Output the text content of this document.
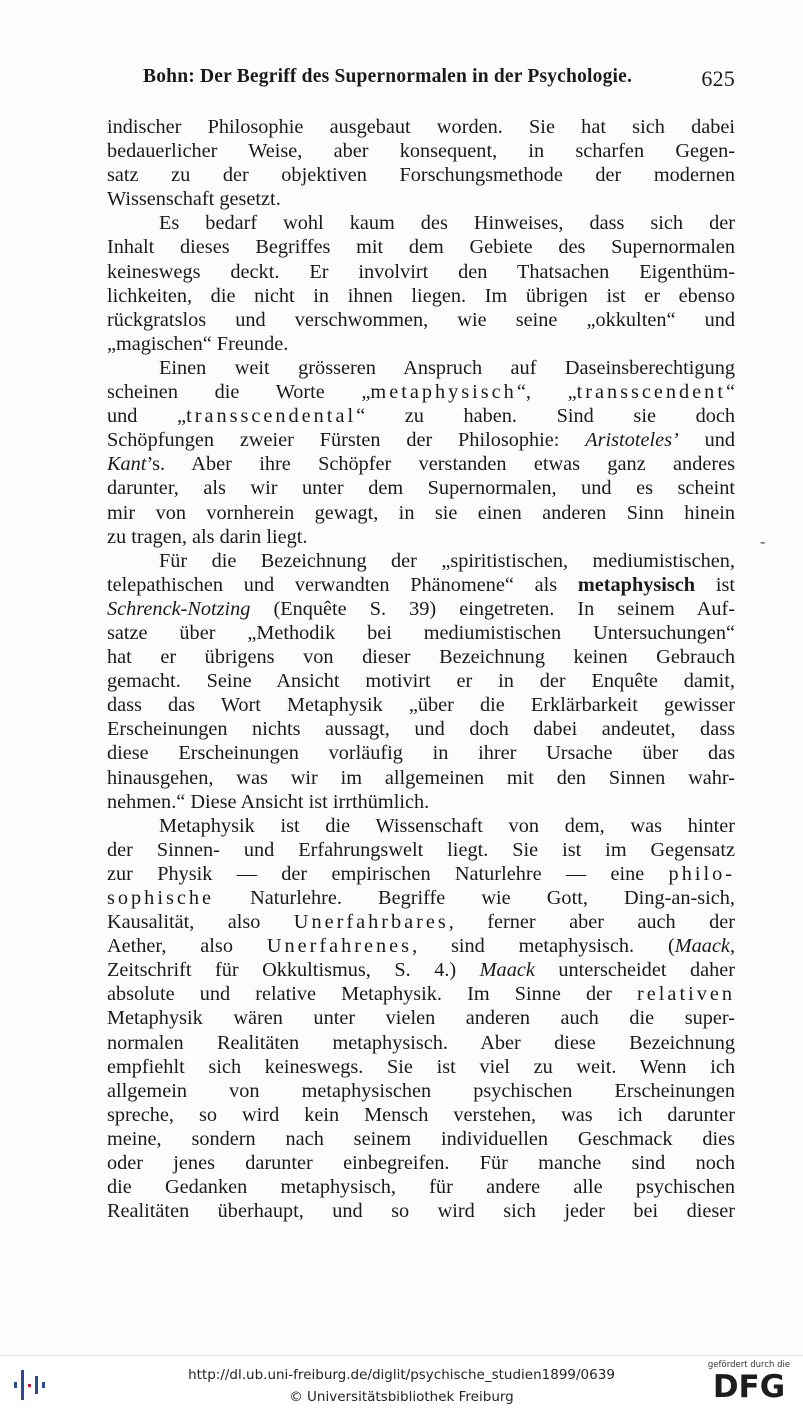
Bohn: Der Begriff des Supernormalen in der Psychologie.	625
indischer Philosophie ausgebaut worden. Sie hat sich dabei
bedauerlicher Weise, aber konsequent, in scharfen Gegen-
satz zu der objektiven Forschungsmethode der modernen
Wissenschaft gesetzt.
Es bedarf wohl kaum des Hinweises, dass sich der
Inhalt dieses Begriffes mit dem Gebiete des Supernormalen
keineswegs deckt. Er involvirt den Thatsachen Eigenthüm-
lichkeiten, die nicht in ihnen liegen. Im übrigen ist er ebenso
rückgratslos und verschwommen, wie seine „okkulten“ und
„magischen“ Freunde.
Einen weit grösseren Anspruch auf Daseinsberechtigung
scheinen die Worte „metaphysisch“, „transscendent“
und „transscendental“ zu haben. Sind sie doch
Schöpfungen zweier Fürsten der Philosophie: Aristoteles’ und
Kant’s. Aber ihre Schöpfer verstanden etwas ganz anderes
darunter, als wir unter dem Supernormalen, und es scheint
mir von vornherein gewagt, in sie einen anderen Sinn hinein
zu tragen, als darin liegt.
Für die Bezeichnung der „spiritistischen, mediumistischen,
telepathischen und verwandten Phänomene“ als metaphysisch ist
Schrenck-Notzing (Enquête S. 39) eingetreten. In seinem Auf-
satze über „Methodik bei mediumistischen Untersuchungen“
hat er übrigens von dieser Bezeichnung keinen Gebrauch
gemacht. Seine Ansicht motivirt er in der Enquête damit,
dass das Wort Metaphysik „über die Erklärbarkeit gewisser
Erscheinungen nichts aussagt, und doch dabei andeutet, dass
diese Erscheinungen vorläufig in ihrer Ursache über das
hinausgehen, was wir im allgemeinen mit den Sinnen wahr-
nehmen.“ Diese Ansicht ist irrthümlich.
Metaphysik ist die Wissenschaft von dem, was hinter
der Sinnen- und Erfahrungswelt liegt. Sie ist im Gegensatz
zur Physik — der empirischen Naturlehre — eine philo-
sophische Naturlehre. Begriffe wie Gott, Ding-an-sich,
Kausalität, also Unerfahrbares, ferner aber auch der
Aether, also Unerfahrenes, sind metaphysisch. (Maack,
Zeitschrift für Okkultismus, S. 4.) Maack unterscheidet daher
absolute und relative Metaphysik. Im Sinne der relativen
Metaphysik wären unter vielen anderen auch die super-
normalen Realitäten metaphysisch. Aber diese Bezeichnung
empfiehlt sich keineswegs. Sie ist viel zu weit. Wenn ich
allgemein von metaphysischen psychischen Erscheinungen
spreche, so wird kein Mensch verstehen, was ich darunter
meine, sondern nach seinem individuellen Geschmack dies
oder jenes darunter einbegreifen. Für manche sind noch
die Gedanken metaphysisch, für andere alle psychischen
Realitäten überhaupt, und so wird sich jeder bei dieser
-
http://dl.ub.uni-freiburg.de/diglit/psychische_studien1899/0639
© Universitätsbibliothek Freiburg
gefördert durch die
DFG
